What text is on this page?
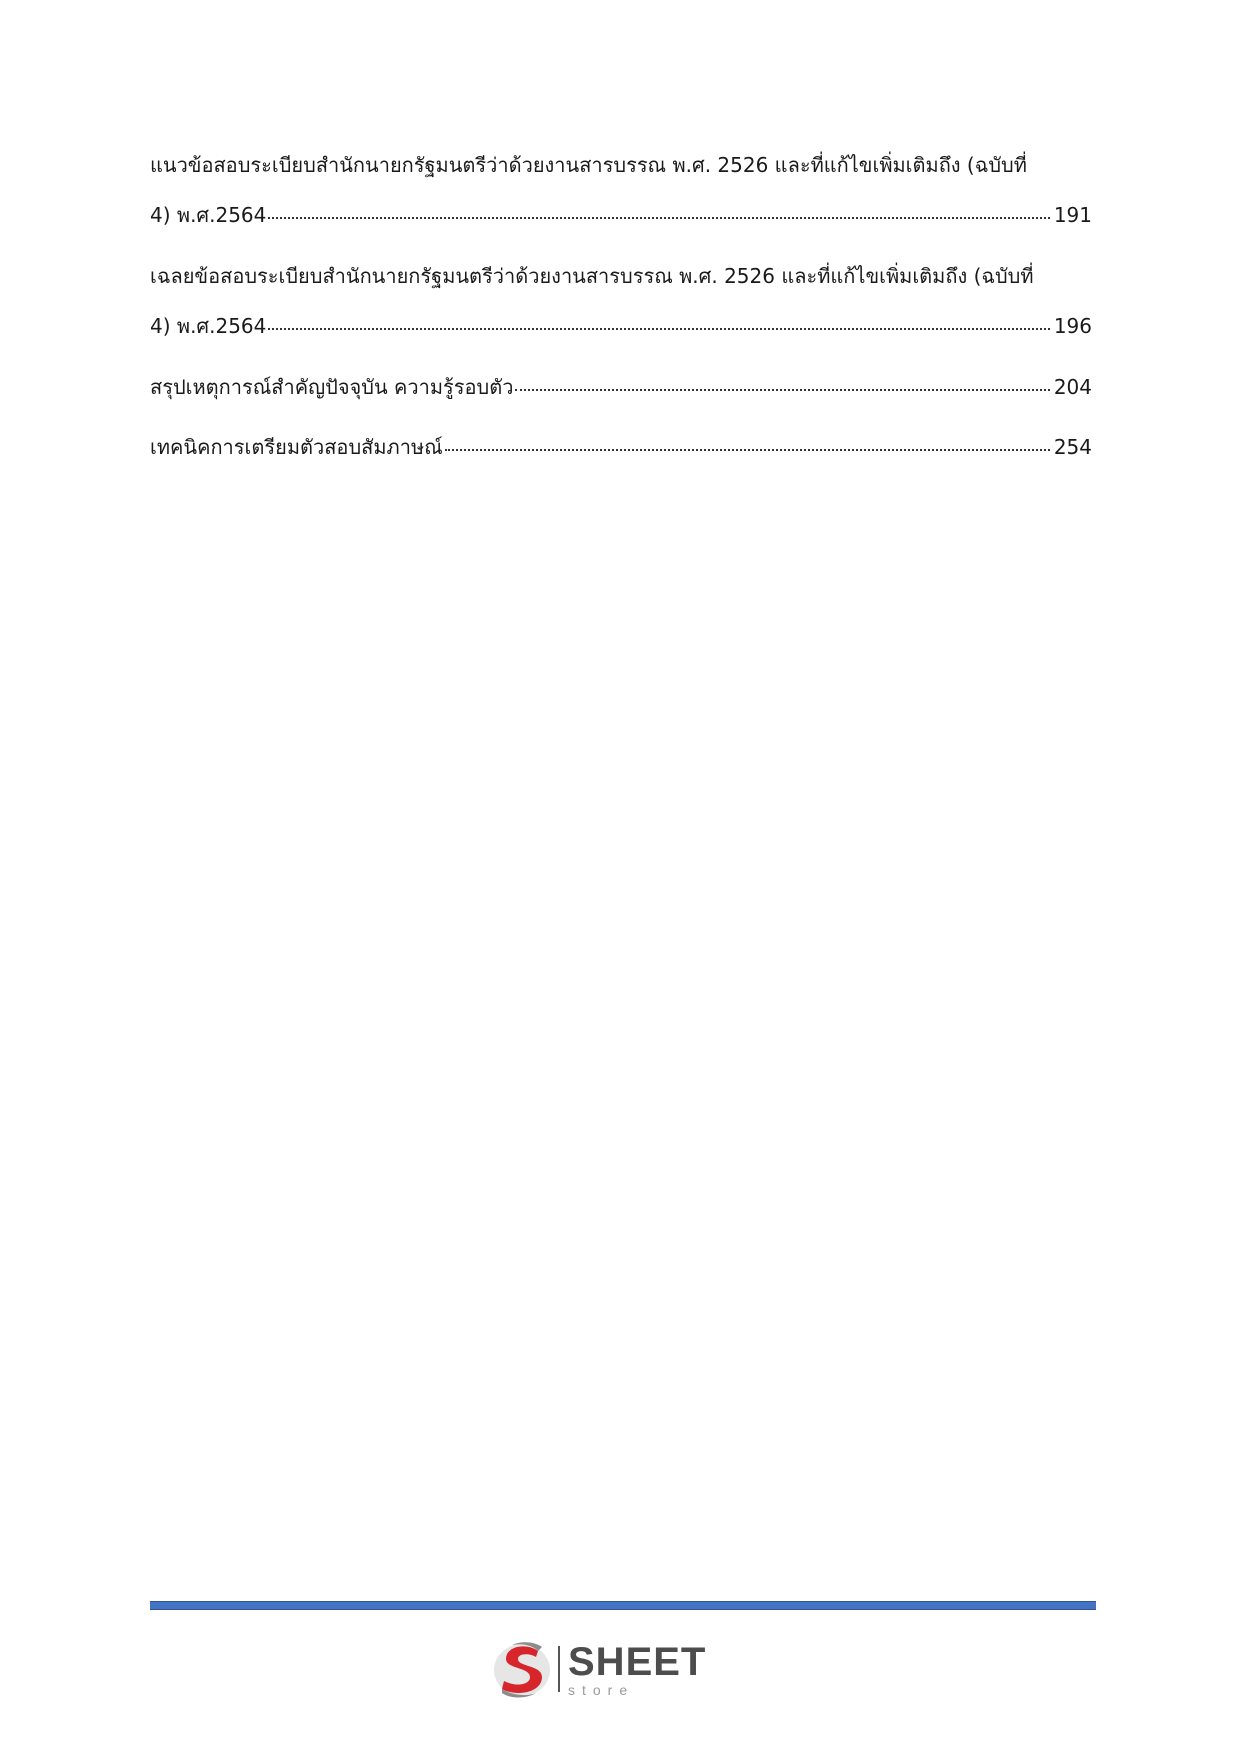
แนวข้อสอบระเบียบสำนักนายกรัฐมนตรีว่าด้วยงานสารบรรณ พ.ศ. 2526 และที่แก้ไขเพิ่มเติมถึง (ฉบับที่
4) พ.ศ.2564	191
เฉลยข้อสอบระเบียบสำนักนายกรัฐมนตรีว่าด้วยงานสารบรรณ พ.ศ. 2526 และที่แก้ไขเพิ่มเติมถึง (ฉบับที่
4) พ.ศ.2564	196
สรุปเหตุการณ์สำคัญปัจจุบัน ความรู้รอบตัว	204
เทคนิคการเตรียมตัวสอบสัมภาษณ์	254
SHEET
store
